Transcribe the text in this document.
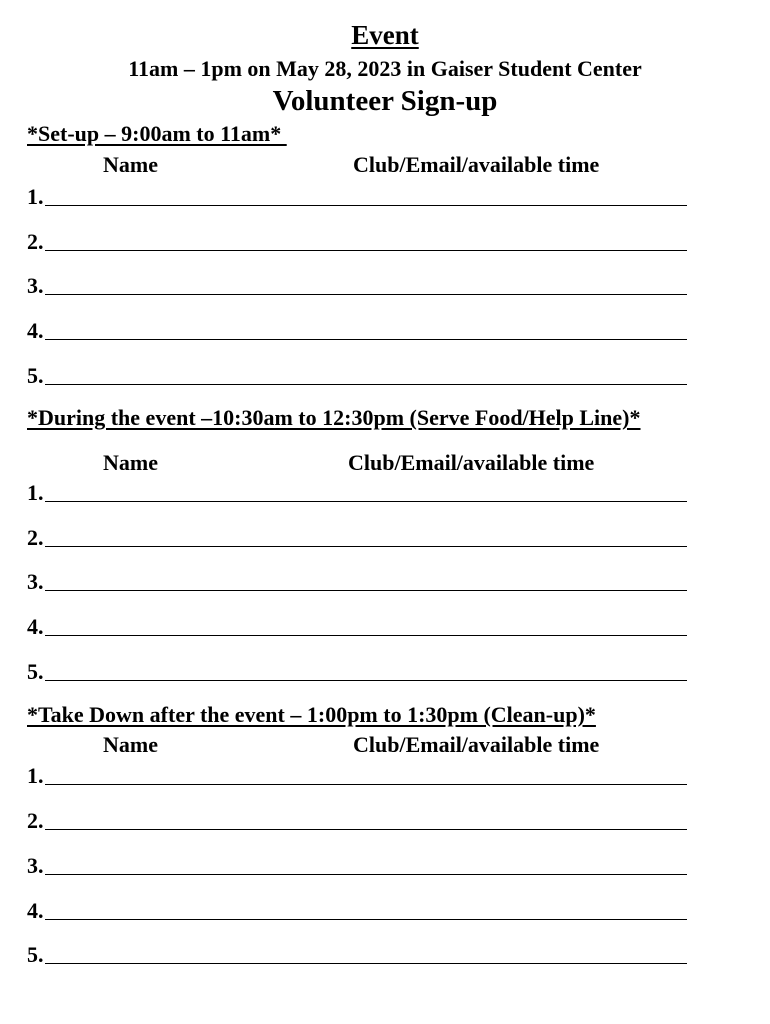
Event
11am – 1pm on May 28, 2023 in Gaiser Student Center
Volunteer Sign-up
*Set-up – 9:00am to 11am*
Name	Club/Email/available time
1.
2.
3.
4.
5.
*During the event –10:30am to 12:30pm (Serve Food/Help Line)*
Name	Club/Email/available time
1.
2.
3.
4.
5.
*Take Down after the event – 1:00pm to 1:30pm (Clean-up)*
Name	Club/Email/available time
1.
2.
3.
4.
5.
